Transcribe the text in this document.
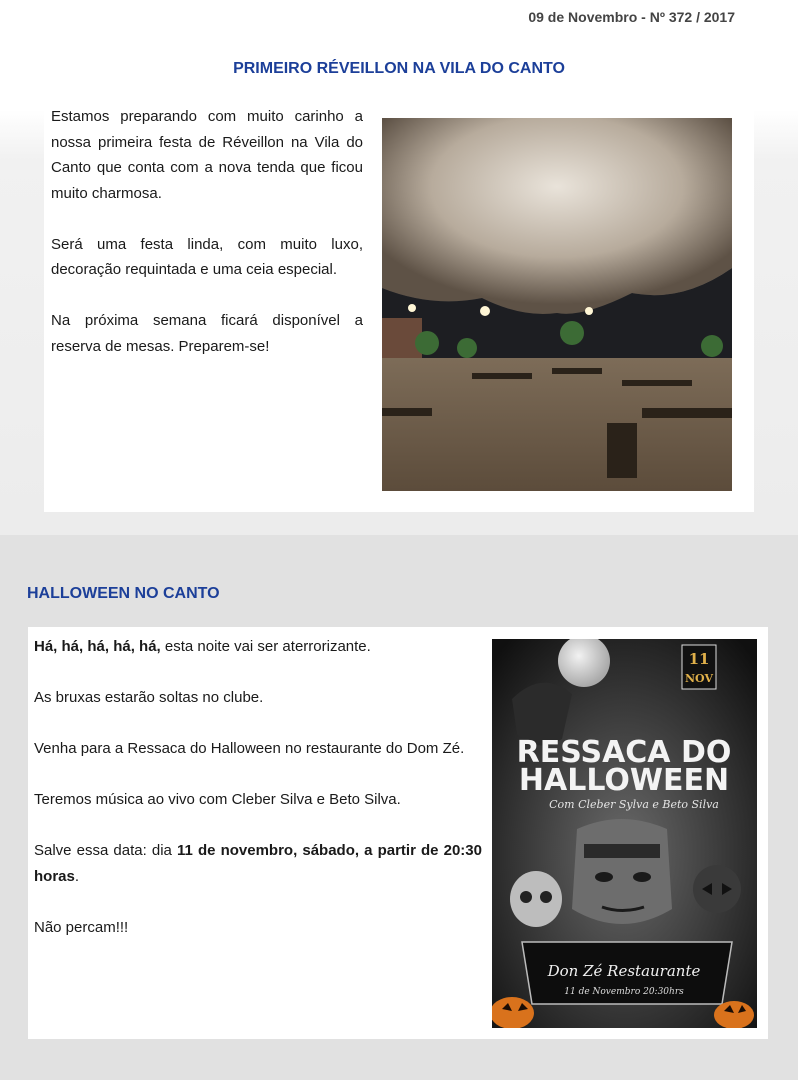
09 de Novembro - Nº 372 / 2017
PRIMEIRO RÉVEILLON NA VILA DO CANTO

Estamos preparando com muito carinho a nossa primeira festa de Réveillon na Vila do Canto que conta com a nova tenda que ficou muito charmosa.

Será uma festa linda, com muito luxo, decoração requintada e uma ceia especial.

Na próxima semana ficará disponível a reserva de mesas. Preparem-se!

HALLOWEEN NO CANTO

Há, há, há, há, há, esta noite vai ser aterrorizante.

As bruxas estarão soltas no clube.

Venha para a Ressaca do Halloween no restaurante do Dom Zé.

Teremos música ao vivo com Cleber Silva e Beto Silva.

Salve essa data: dia 11 de novembro, sábado, a partir de 20:30 horas.

Não percam!!!

11
NOV
RESSACA DO
HALLOWEEN
Com Cleber Sylva e Beto Silva
Don Zé Restaurante
11 de Novembro 20:30hrs
